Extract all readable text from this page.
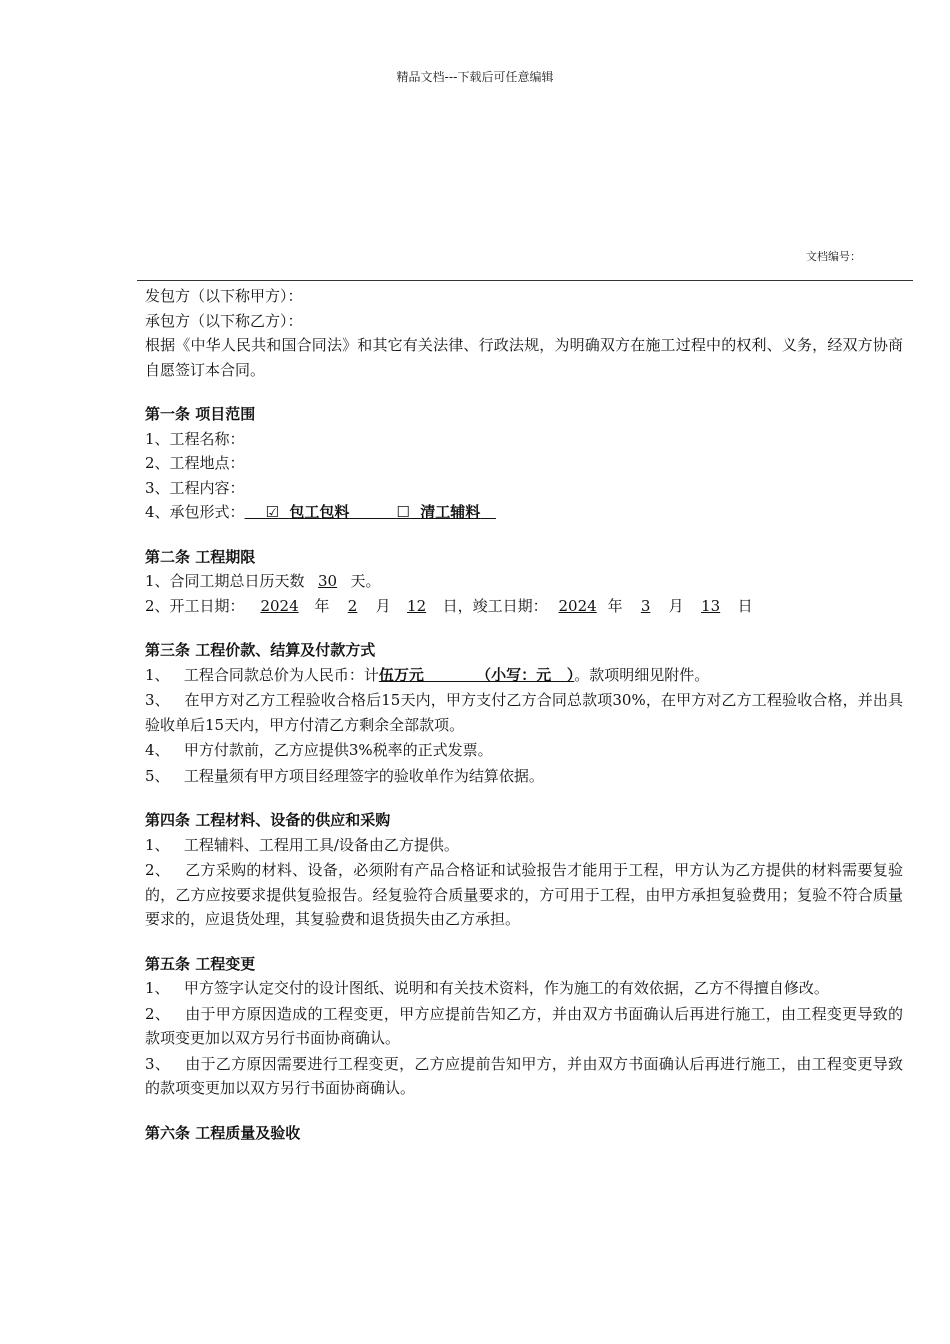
精品文档---下载后可任意编辑
文档编号：
发包方（以下称甲方）：
承包方（以下称乙方）：
根据《中华人民共和国合同法》和其它有关法律、行政法规，为明确双方在施工过程中的权利、义务，经双方协商自愿签订本合同。
第一条 项目范围
1、工程名称：
2、工程地点：
3、工程内容：
4、承包形式： ☑ 包工包料	☐ 清工辅料
第二条 工程期限
1、合同工期总日历天数 30 天。
2、开工日期： 2024 年 2 月 12 日，竣工日期： 2024 年 3 月 13 日
第三条 工程价款、结算及付款方式
1、   工程合同款总价为人民币：计伍万元          （小写：元   ）。款项明细见附件。
3、   在甲方对乙方工程验收合格后15天内，甲方支付乙方合同总款项30%，在甲方对乙方工程验收合格，并出具验收单后15天内，甲方付清乙方剩余全部款项。
4、   甲方付款前，乙方应提供3%税率的正式发票。
5、   工程量须有甲方项目经理签字的验收单作为结算依据。
第四条 工程材料、设备的供应和采购
1、   工程辅料、工程用工具/设备由乙方提供。
2、   乙方采购的材料、设备，必须附有产品合格证和试验报告才能用于工程，甲方认为乙方提供的材料需要复验的，乙方应按要求提供复验报告。经复验符合质量要求的，方可用于工程，由甲方承担复验费用；复验不符合质量要求的，应退货处理，其复验费和退货损失由乙方承担。
第五条 工程变更
1、   甲方签字认定交付的设计图纸、说明和有关技术资料，作为施工的有效依据，乙方不得擅自修改。
2、   由于甲方原因造成的工程变更，甲方应提前告知乙方，并由双方书面确认后再进行施工，由工程变更导致的款项变更加以双方另行书面协商确认。
3、   由于乙方原因需要进行工程变更，乙方应提前告知甲方，并由双方书面确认后再进行施工，由工程变更导致的款项变更加以双方另行书面协商确认。
第六条 工程质量及验收
